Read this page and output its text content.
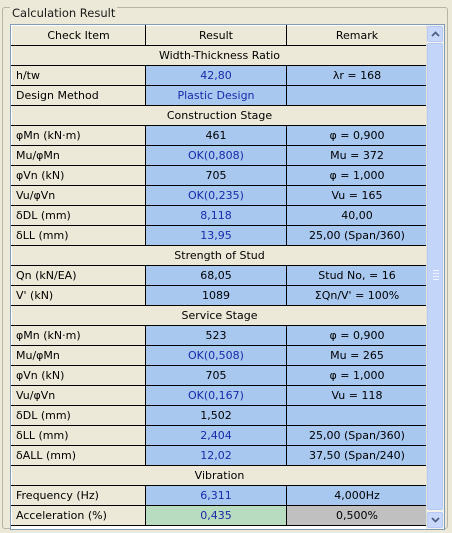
Calculation Result
Check Item	Result	Remark
Width-Thickness Ratio		
h/tw	42,80	λr = 168
Design Method	Plastic Design	
Construction Stage		
φMn (kN·m)	461	φ = 0,900
Mu/φMn	OK(0,808)	Mu = 372
φVn (kN)	705	φ = 1,000
Vu/φVn	OK(0,235)	Vu = 165
δDL (mm)	8,118	40,00
δLL (mm)	13,95	25,00 (Span/360)
Strength of Stud		
Qn (kN/EA)	68,05	Stud No, = 16
V' (kN)	1089	ΣQn/V' = 100%
Service Stage		
φMn (kN·m)	523	φ = 0,900
Mu/φMn	OK(0,508)	Mu = 265
φVn (kN)	705	φ = 1,000
Vu/φVn	OK(0,167)	Vu = 118
δDL (mm)	1,502	
δLL (mm)	2,404	25,00 (Span/360)
δALL (mm)	12,02	37,50 (Span/240)
Vibration		
Frequency (Hz)	6,311	4,000Hz
Acceleration (%)	0,435	0,500%
